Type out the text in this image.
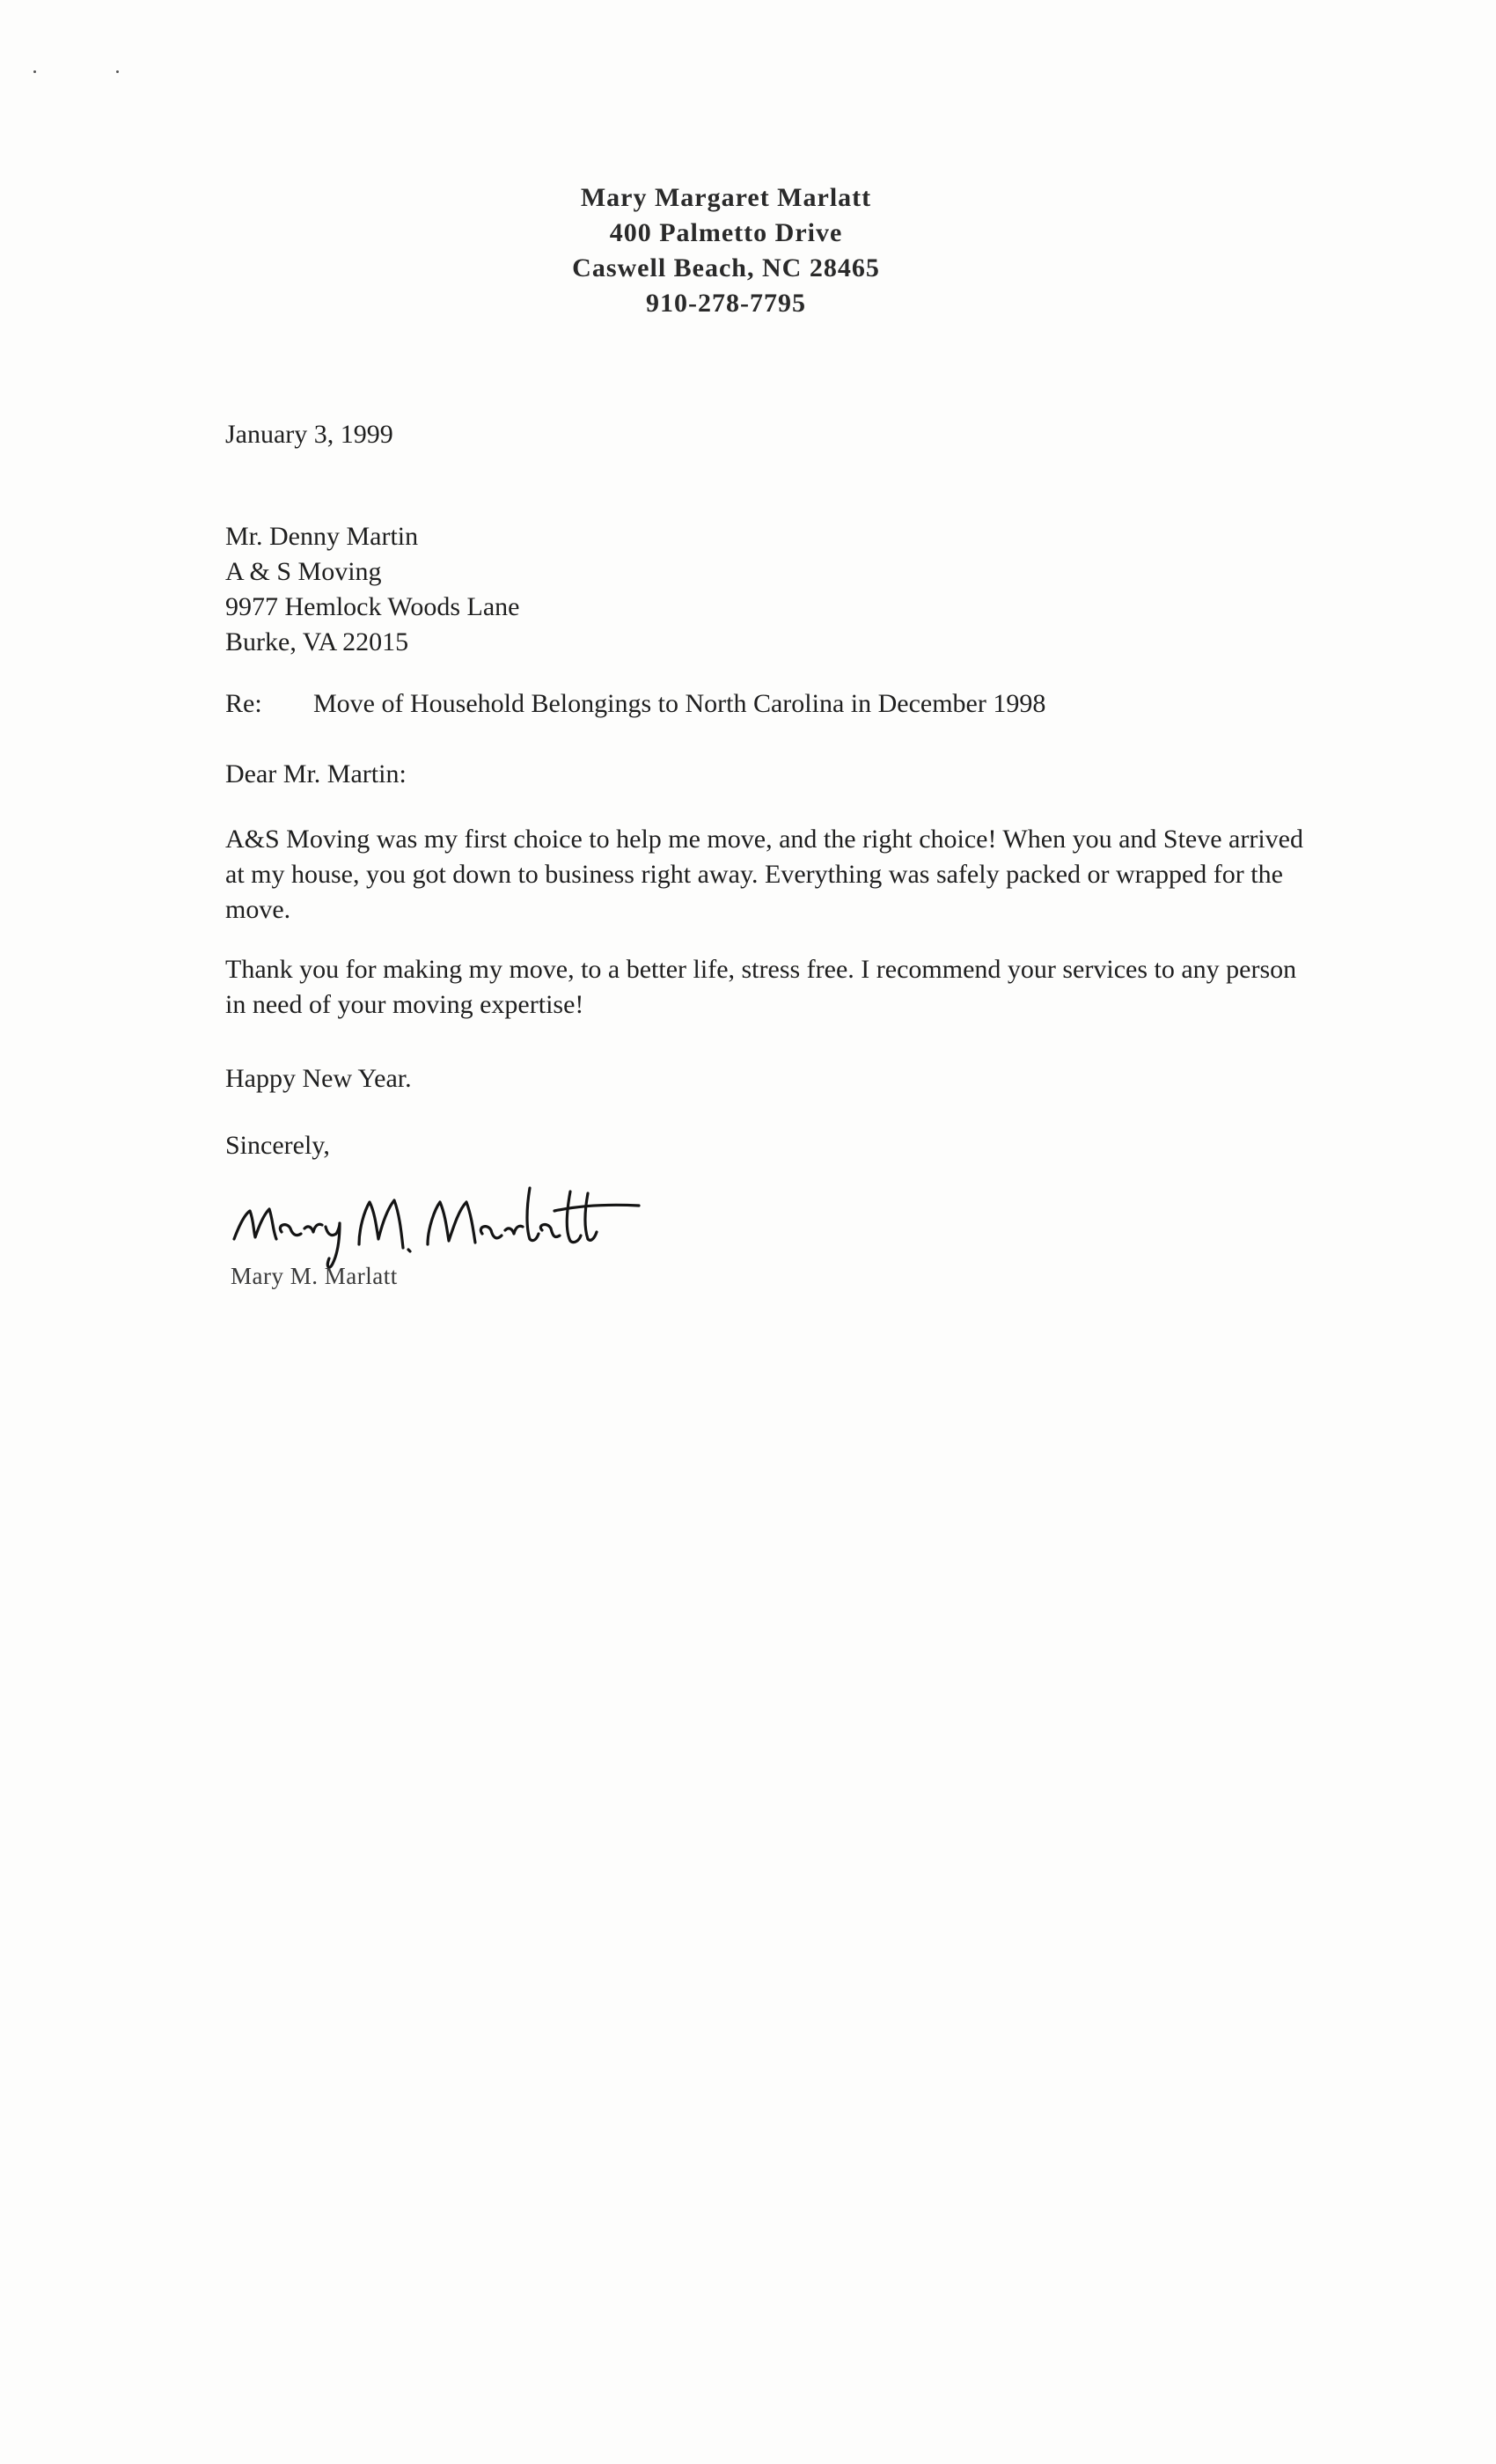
Mary Margaret Marlatt
400 Palmetto Drive
Caswell Beach, NC 28465
910-278-7795
January 3, 1999
Mr. Denny Martin
A & S Moving
9977 Hemlock Woods Lane
Burke, VA 22015
Re: Move of Household Belongings to North Carolina in December 1998
Dear Mr. Martin:
A&S Moving was my first choice to help me move, and the right choice! When you and Steve arrived at my house, you got down to business right away. Everything was safely packed or wrapped for the move.
Thank you for making my move, to a better life, stress free. I recommend your services to any person in need of your moving expertise!
Happy New Year.
Sincerely,
Mary M. Marlatt
